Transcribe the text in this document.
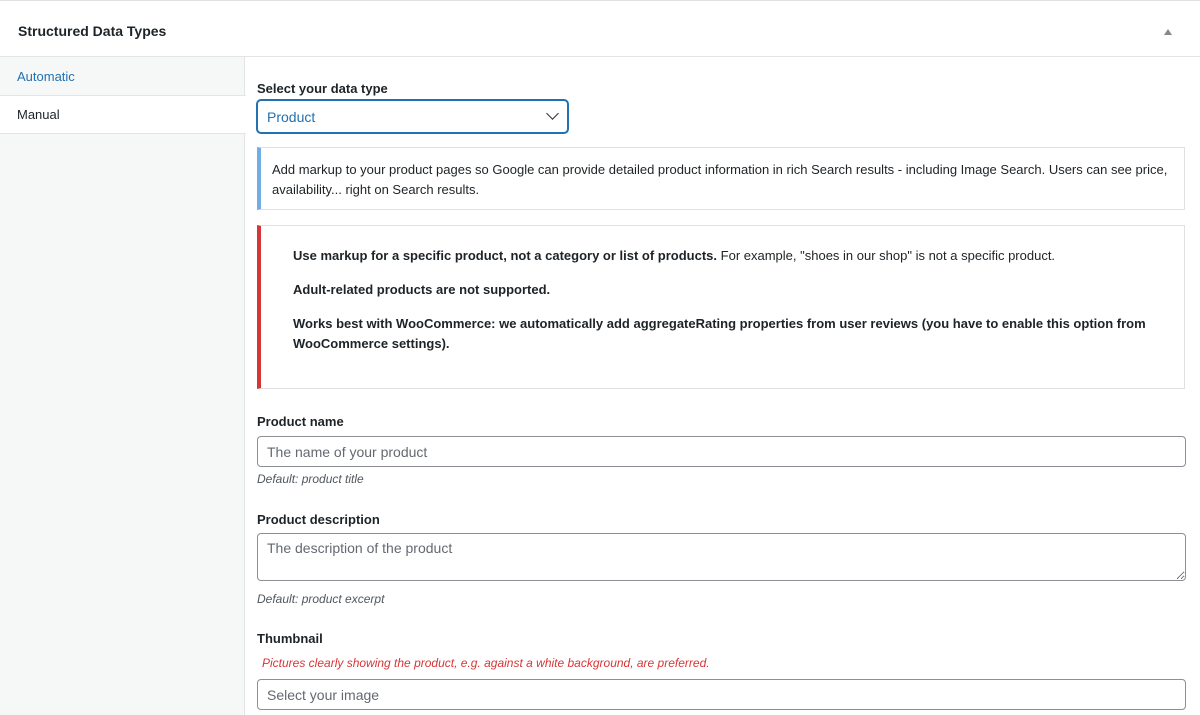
Structured Data Types
Automatic
Manual
Select your data type
Product
Add markup to your product pages so Google can provide detailed product information in rich Search results - including Image Search. Users can see price, availability... right on Search results.

Use markup for a specific product, not a category or list of products. For example, "shoes in our shop" is not a specific product.

Adult-related products are not supported.

Works best with WooCommerce: we automatically add aggregateRating properties from user reviews (you have to enable this option from WooCommerce settings).

Product name
The name of your product
Default: product title
Product description
The description of the product
Default: product excerpt
Thumbnail
Pictures clearly showing the product, e.g. against a white background, are preferred.
Select your image
